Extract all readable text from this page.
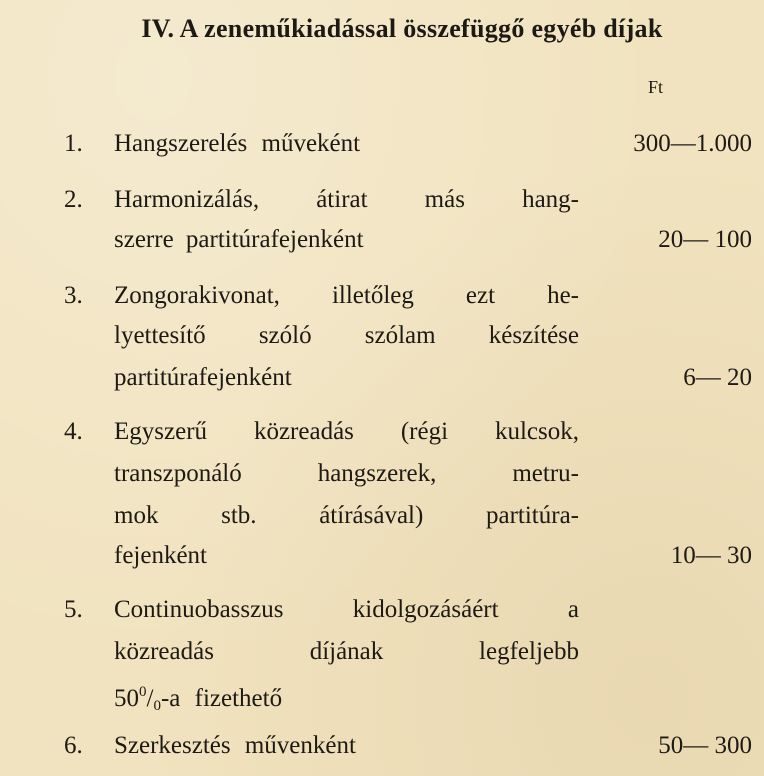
IV. A zeneműkiadással összefüggő egyéb díjak
Ft
1.	Hangszerelés műveként	300—1.000
2.	Harmonizálás, átirat más hang-
szerre partitúrafejenként	20— 100
3.	Zongorakivonat, illetőleg ezt he-
lyettesítő szóló szólam készítése
partitúrafejenként	6— 20
4.	Egyszerű közreadás (régi kulcsok,
transzponáló hangszerek, metru-
mok stb. átírásával) partitúra-
fejenként	10— 30
5.	Continuobasszus kidolgozásáért a
közreadás díjának legfeljebb
$50^0/_0-a$ fizethető
6.	Szerkesztés művenként	50— 300
